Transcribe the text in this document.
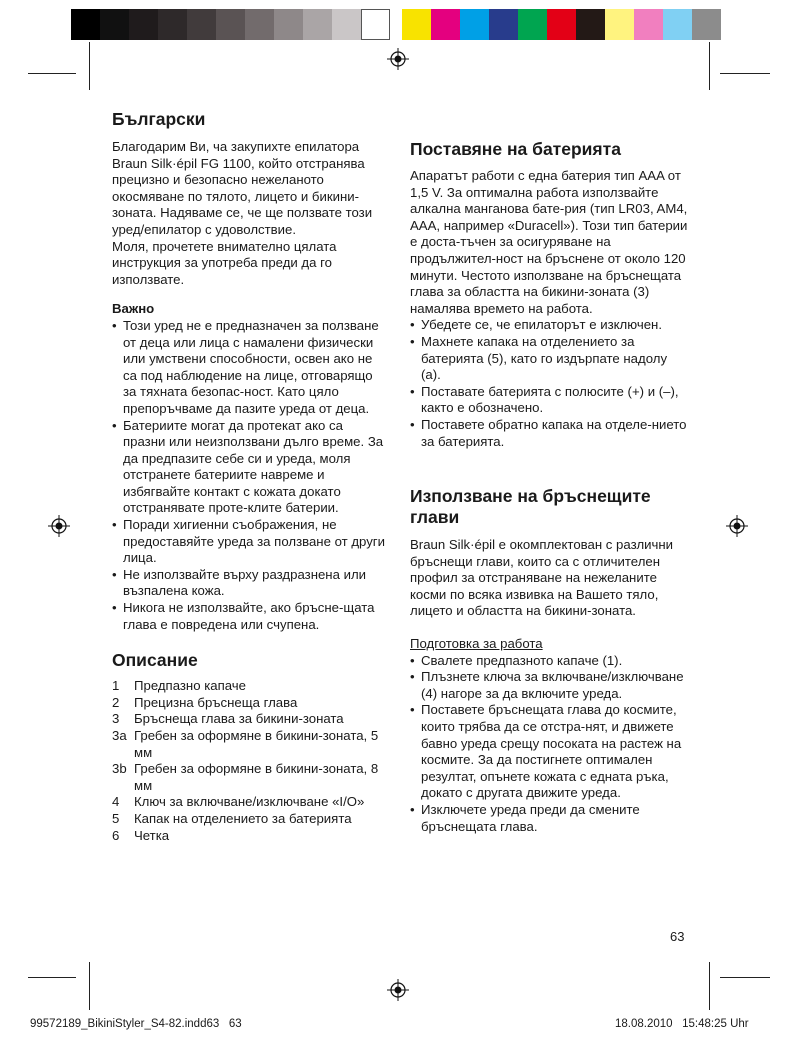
Български

Благодарим Ви, ча закупихте епилатора Braun Silk·épil FG 1100, който отстранява прецизно и безопасно нежеланото окосмяване по тялото, лицето и бикини-зоната. Надяваме се, че ще ползвате този уред/епилатор с удоволствие.

Моля, прочетете внимателно цялата инструкция за употреба преди да го използвате.

Важно

• Този уред не е предназначен за ползване от деца или лица с намалени физически или умствени способности, освен ако не са под наблюдение на лице, отговарящо за тяхната безопас-ност. Като цяло препоръчваме да пазите уреда от деца.
• Батериите могат да протекат ако са празни или неизползвани дълго време. За да предпазите себе си и уреда, моля отстранете батериите навреме и избягвайте контакт с кожата докато отстранявате проте-клите батерии.
• Поради хигиенни съображения, не предоставяйте уреда за ползване от други лица.
• Не използвайте върху раздразнена или възпалена кожа.
• Никога не използвайте, ако бръсне-щата глава е повредена или счупена.
Описание
1	Предпазно капаче
2	Прецизна бръснеща глава
3	Бръснеща глава за бикини-зоната
3a Гребен за оформяне в бикини-зоната, 5 мм
3b Гребен за оформяне в бикини-зоната, 8 мм
4	Ключ за включване/изключване «I/O»
5	Капак на отделението за батерията
6	Четка
Поставяне на батерията

Апаратът работи с една батерия тип AAA от 1,5 V. За оптимална работа използвайте алкална манганова бате-рия (тип LR03, AM4, AAA, например «Duracell»). Този тип батерии е доста-тъчен за осигуряване на продължител-ност на бръснене от около 120 минути. Честото използване на бръснещата глава за областта на бикини-зоната (3) намалява времето на работа.

• Убедете се, че епилаторът е изключен.
• Махнете капака на отделението за батерията (5), като го издърпате надолу (a).
• Поставате батерията с полюсите (+) и (–), както е обозначено.
• Поставете обратно капака на отделе-нието за батерията.
Използване на бръснещите глави

Braun Silk·épil е окомплектован с различни бръснещи глави, които са с отличителен профил за отстраняване на нежеланите косми по всяка извивка на Вашето тяло, лицето и областта на бикини-зоната.

Подготовка за работа

• Свалете предпазното капаче (1).
• Плъзнете ключа за включване/изключване (4) нагоре за да включите уреда.
• Поставете бръснещата глава до космите, които трябва да се отстра-нят, и движете бавно уреда срещу посоката на растеж на космите. За да постигнете оптимален резултат, опънете кожата с едната ръка, докато с другата движите уреда.
• Изключете уреда преди да смените бръснещата глава.
63
99572189_BikiniStyler_S4-82.indd63   63	18.08.2010   15:48:25 Uhr
